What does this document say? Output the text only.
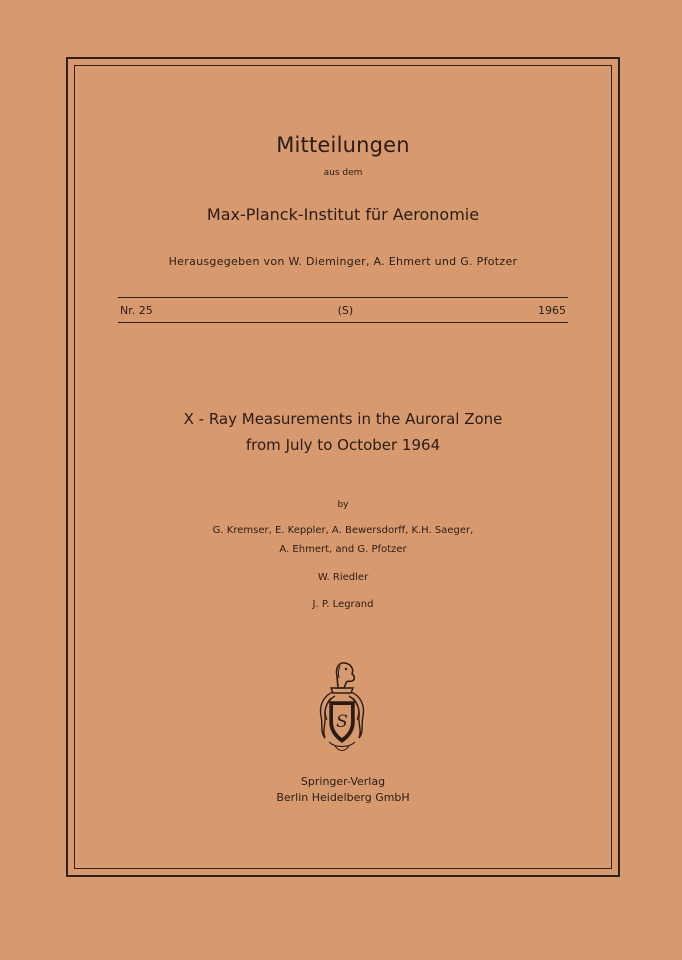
Mitteilungen
aus dem
Max-Planck-Institut für Aeronomie
Herausgegeben von W. Dieminger, A. Ehmert und G. Pfotzer
Nr. 25	(S)	1965
X - Ray Measurements in the Auroral Zone
from July to October 1964
by
G. Kremser, E. Keppler, A. Bewersdorff, K.H. Saeger,
A. Ehmert, and G. Pfotzer
W. Riedler
J. P. Legrand
S
Springer-Verlag
Berlin Heidelberg GmbH
